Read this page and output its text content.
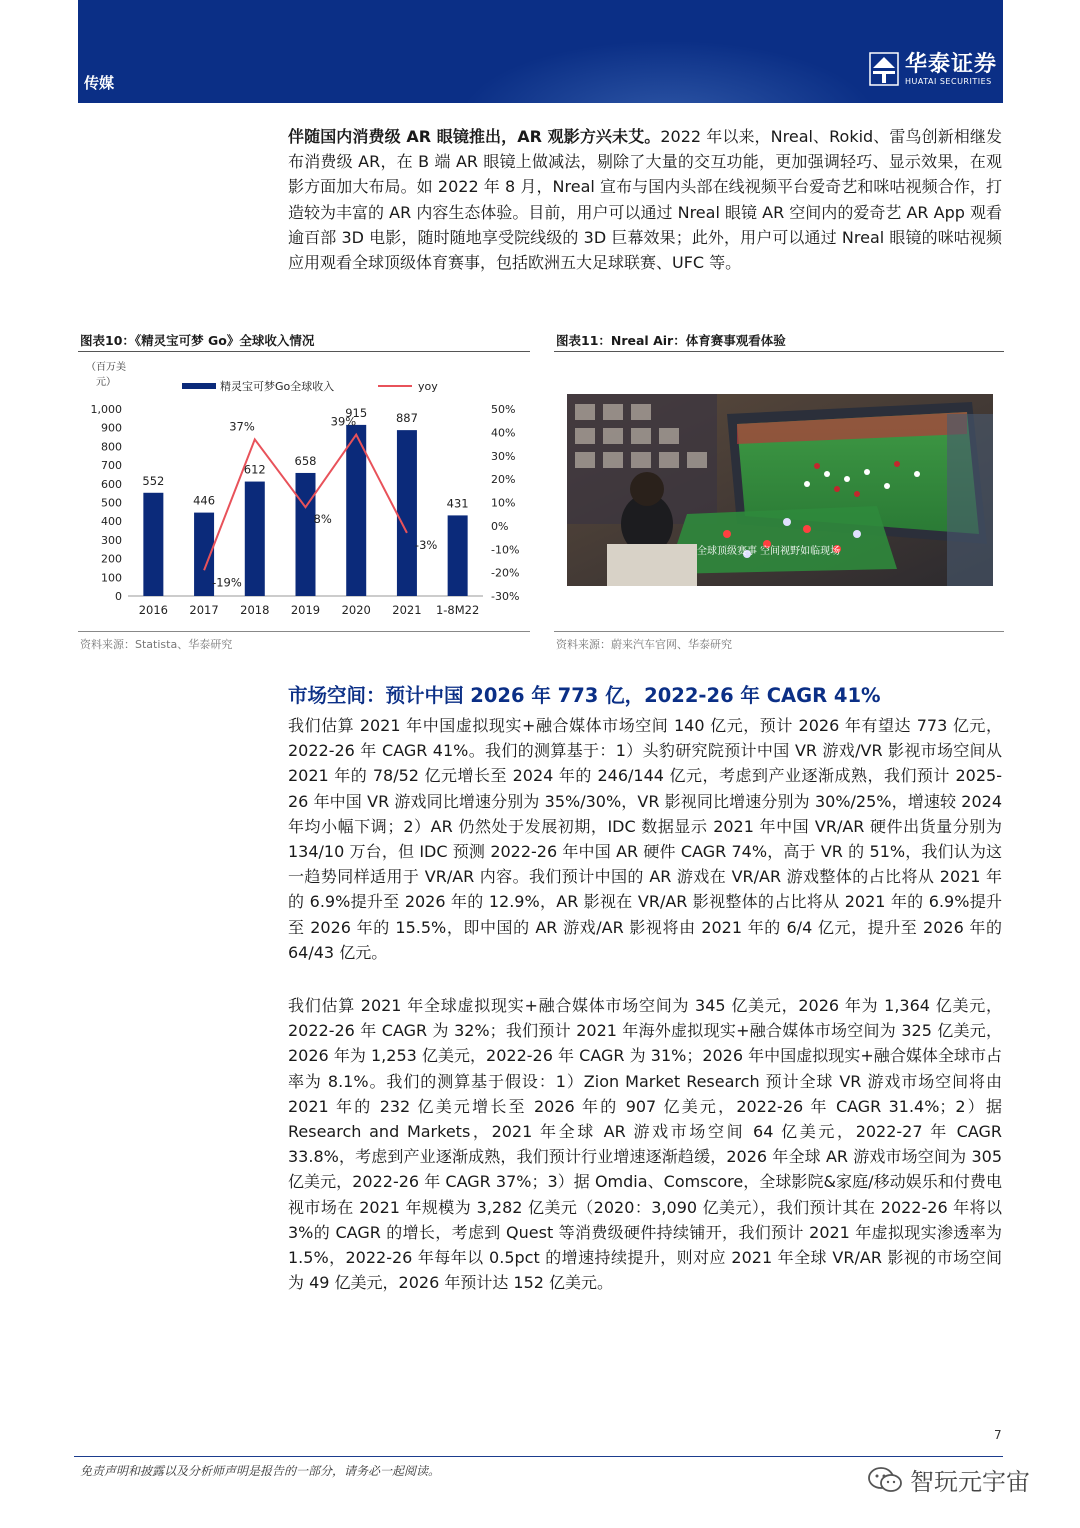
传媒
华泰证券
HUATAI SECURITIES

伴随国内消费级 AR 眼镜推出，AR 观影方兴未艾。2022 年以来，Nreal、Rokid、雷鸟创新相继发布消费级 AR，在 B 端 AR 眼镜上做减法，剔除了大量的交互功能，更加强调轻巧、显示效果，在观影方面加大布局。如 2022 年 8 月，Nreal 宣布与国内头部在线视频平台爱奇艺和咪咕视频合作，打造较为丰富的 AR 内容生态体验。目前，用户可以通过 Nreal 眼镜 AR 空间内的爱奇艺 AR App 观看逾百部 3D 电影，随时随地享受院线级的 3D 巨幕效果；此外，用户可以通过 Nreal 眼镜的咪咕视频应用观看全球顶级体育赛事，包括欧洲五大足球联赛、UFC 等。

图表10：《精灵宝可梦 Go》全球收入情况
（百万美
元）	精灵宝可梦Go全球收入	yoy
0
100
200
300
400
500
600
700
800
900
1,000
-30%
-20%
-10%
0%
10%
20%
30%
40%
50%
552
2016
446
2017
612
2018
658
2019
915
2020
887
2021
431
1-8M22
-19%
37%
8%
39%
-3%
资料来源：Statista、华泰研究
图表11：Nreal Air：体育赛事观看体验
全球顶级赛事 空间视野如临现场
资料来源：蔚来汽车官网、华泰研究
市场空间：预计中国 2026 年 773 亿，2022-26 年 CAGR 41%

我们估算 2021 年中国虚拟现实+融合媒体市场空间 140 亿元，预计 2026 年有望达 773 亿元，2022-26 年 CAGR 41%。我们的测算基于：1）头豹研究院预计中国 VR 游戏/VR 影视市场空间从 2021 年的 78/52 亿元增长至 2024 年的 246/144 亿元，考虑到产业逐渐成熟，我们预计 2025-26 年中国 VR 游戏同比增速分别为 35%/30%，VR 影视同比增速分别为 30%/25%，增速较 2024 年均小幅下调；2）AR 仍然处于发展初期，IDC 数据显示 2021 年中国 VR/AR 硬件出货量分别为 134/10 万台，但 IDC 预测 2022-26 年中国 AR 硬件 CAGR 74%，高于 VR 的 51%，我们认为这一趋势同样适用于 VR/AR 内容。我们预计中国的 AR 游戏在 VR/AR 游戏整体的占比将从 2021 年的 6.9%提升至 2026 年的 12.9%，AR 影视在 VR/AR 影视整体的占比将从 2021 年的 6.9%提升至 2026 年的 15.5%，即中国的 AR 游戏/AR 影视将由 2021 年的 6/4 亿元，提升至 2026 年的 64/43 亿元。

我们估算 2021 年全球虚拟现实+融合媒体市场空间为 345 亿美元，2026 年为 1,364 亿美元，2022-26 年 CAGR 为 32%；我们预计 2021 年海外虚拟现实+融合媒体市场空间为 325 亿美元，2026 年为 1,253 亿美元，2022-26 年 CAGR 为 31%；2026 年中国虚拟现实+融合媒体全球市占率为 8.1%。我们的测算基于假设：1）Zion Market Research 预计全球 VR 游戏市场空间将由 2021 年的 232 亿美元增长至 2026 年的 907 亿美元，2022-26 年 CAGR 31.4%；2）据 Research and Markets，2021 年全球 AR 游戏市场空间 64 亿美元，2022-27 年 CAGR 33.8%，考虑到产业逐渐成熟，我们预计行业增速逐渐趋缓，2026 年全球 AR 游戏市场空间为 305 亿美元，2022-26 年 CAGR 37%；3）据 Omdia、Comscore，全球影院&家庭/移动娱乐和付费电视市场在 2021 年规模为 3,282 亿美元（2020：3,090 亿美元），我们预计其在 2022-26 年将以 3%的 CAGR 的增长，考虑到 Quest 等消费级硬件持续铺开，我们预计 2021 年虚拟现实渗透率为 1.5%，2022-26 年每年以 0.5pct 的增速持续提升，则对应 2021 年全球 VR/AR 影视的市场空间为 49 亿美元，2026 年预计达 152 亿美元。

7
免责声明和披露以及分析师声明是报告的一部分，请务必一起阅读。	智玩元宇宙
